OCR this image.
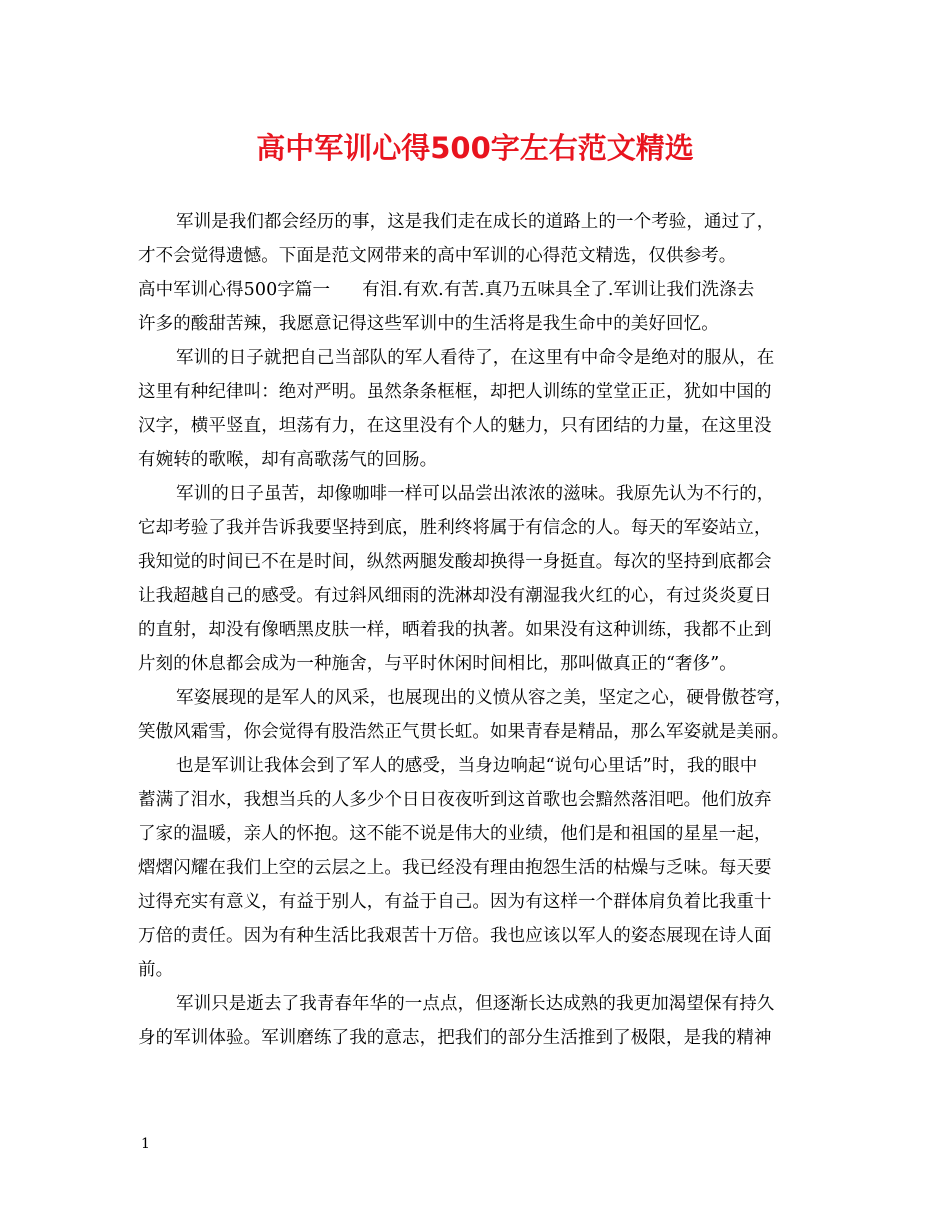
高中军训心得500字左右范文精选
军训是我们都会经历的事，这是我们走在成长的道路上的一个考验，通过了，
才不会觉得遗憾。下面是范文网带来的高中军训的心得范文精选，仅供参考。
高中军训心得500字篇一 有泪.有欢.有苦.真乃五味具全了.军训让我们洗涤去
许多的酸甜苦辣，我愿意记得这些军训中的生活将是我生命中的美好回忆。
军训的日子就把自己当部队的军人看待了，在这里有中命令是绝对的服从，在
这里有种纪律叫：绝对严明。虽然条条框框，却把人训练的堂堂正正，犹如中国的
汉字，横平竖直，坦荡有力，在这里没有个人的魅力，只有团结的力量，在这里没
有婉转的歌喉，却有高歌荡气的回肠。
军训的日子虽苦，却像咖啡一样可以品尝出浓浓的滋味。我原先认为不行的，
它却考验了我并告诉我要坚持到底，胜利终将属于有信念的人。每天的军姿站立，
我知觉的时间已不在是时间，纵然两腿发酸却换得一身挺直。每次的坚持到底都会
让我超越自己的感受。有过斜风细雨的洗淋却没有潮湿我火红的心，有过炎炎夏日
的直射，却没有像晒黑皮肤一样，晒着我的执著。如果没有这种训练，我都不止到
片刻的休息都会成为一种施舍，与平时休闲时间相比，那叫做真正的“奢侈”。
军姿展现的是军人的风采，也展现出的义愤从容之美，坚定之心，硬骨傲苍穹，
笑傲风霜雪，你会觉得有股浩然正气贯长虹。如果青春是精品，那么军姿就是美丽。
也是军训让我体会到了军人的感受，当身边响起“说句心里话”时，我的眼中
蓄满了泪水，我想当兵的人多少个日日夜夜听到这首歌也会黯然落泪吧。他们放弃
了家的温暖，亲人的怀抱。这不能不说是伟大的业绩，他们是和祖国的星星一起，
熠熠闪耀在我们上空的云层之上。我已经没有理由抱怨生活的枯燥与乏味。每天要
过得充实有意义，有益于别人，有益于自己。因为有这样一个群体肩负着比我重十
万倍的责任。因为有种生活比我艰苦十万倍。我也应该以军人的姿态展现在诗人面
前。
军训只是逝去了我青春年华的一点点，但逐渐长达成熟的我更加渴望保有持久
身的军训体验。军训磨练了我的意志，把我们的部分生活推到了极限，是我的精神

1
